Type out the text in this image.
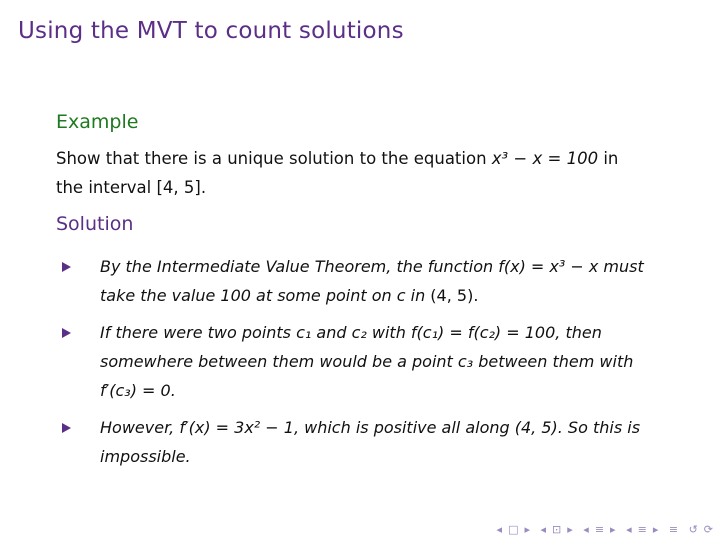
Using the MVT to count solutions
Example
Show that there is a unique solution to the equation x³ − x = 100 in
the interval [4, 5].
Solution
By the Intermediate Value Theorem, the function f(x) = x³ − x must
take the value 100 at some point on c in (4, 5).
If there were two points c₁ and c₂ with f(c₁) = f(c₂) = 100, then
somewhere between them would be a point c₃ between them with
f′(c₃) = 0.
However, f′(x) = 3x² − 1, which is positive all along (4, 5). So this is
impossible.
◂ □ ▸ ◂ ⊡ ▸ ◂ ≡ ▸ ◂ ≡ ▸ ≡ ↺ ⟳
